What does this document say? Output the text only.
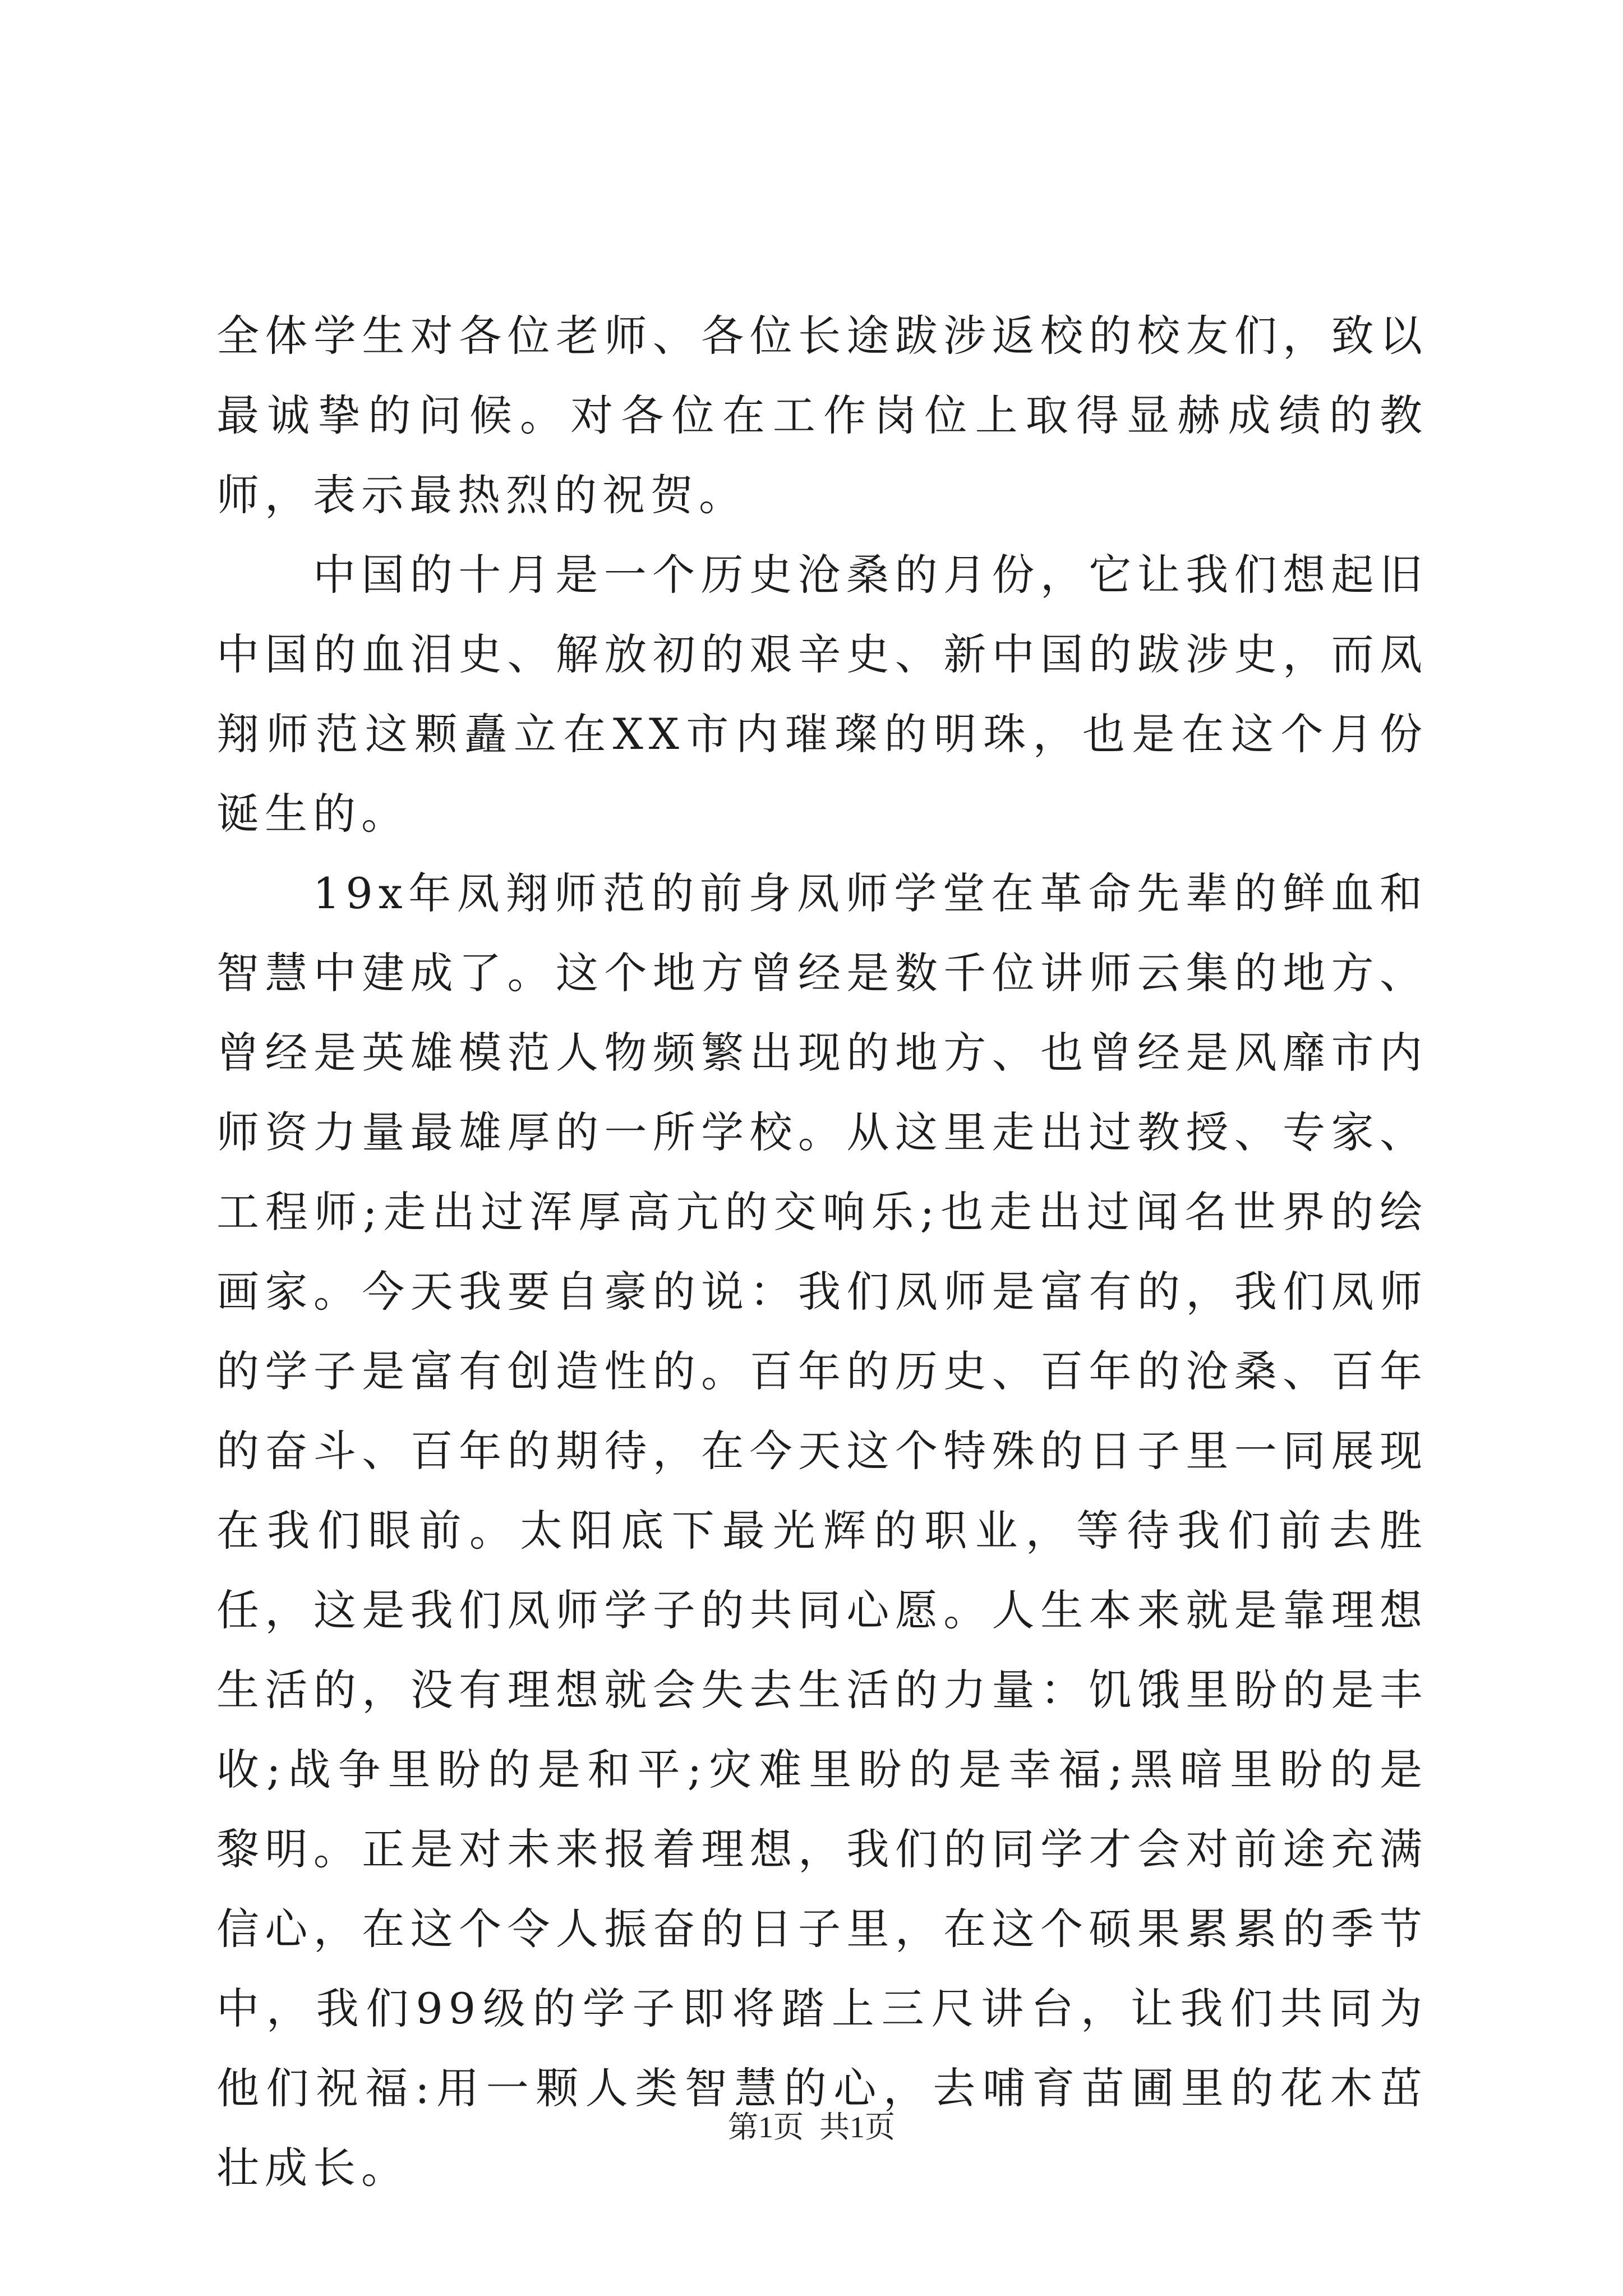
全体学生对各位老师、各位长途跋涉返校的校友们，致以最诚挚的问候。对各位在工作岗位上取得显赫成绩的教师，表示最热烈的祝贺。

中国的十月是一个历史沧桑的月份，它让我们想起旧中国的血泪史、解放初的艰辛史、新中国的跋涉史，而凤翔师范这颗矗立在XX市内璀璨的明珠，也是在这个月份诞生的。

19x年凤翔师范的前身凤师学堂在革命先辈的鲜血和智慧中建成了。这个地方曾经是数千位讲师云集的地方、曾经是英雄模范人物频繁出现的地方、也曾经是风靡市内师资力量最雄厚的一所学校。从这里走出过教授、专家、工程师;走出过浑厚高亢的交响乐;也走出过闻名世界的绘画家。今天我要自豪的说：我们凤师是富有的，我们凤师的学子是富有创造性的。百年的历史、百年的沧桑、百年的奋斗、百年的期待，在今天这个特殊的日子里一同展现在我们眼前。太阳底下最光辉的职业，等待我们前去胜任，这是我们凤师学子的共同心愿。人生本来就是靠理想生活的，没有理想就会失去生活的力量：饥饿里盼的是丰收;战争里盼的是和平;灾难里盼的是幸福;黑暗里盼的是黎明。正是对未来报着理想，我们的同学才会对前途充满信心，在这个令人振奋的日子里，在这个硕果累累的季节中，我们99级的学子即将踏上三尺讲台，让我们共同为他们祝福:用一颗人类智慧的心，去哺育苗圃里的花木茁壮成长。

第1页 共1页
